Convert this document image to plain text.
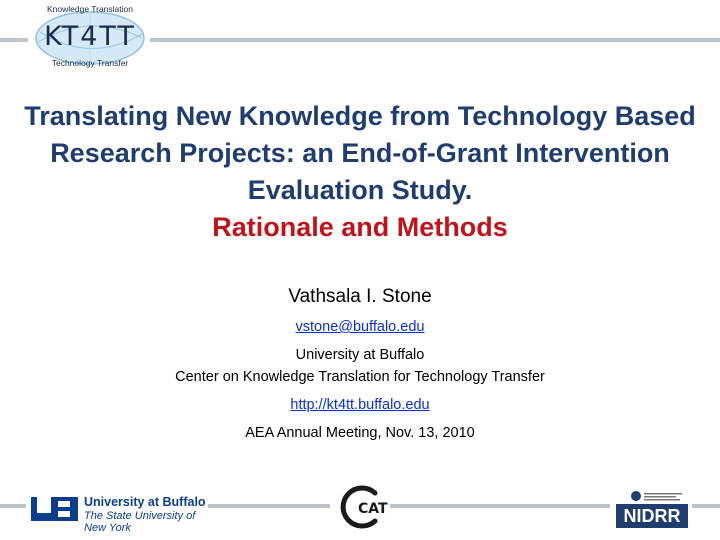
Knowledge Translation
KT4TT
Technology Transfer
Translating New Knowledge from Technology Based Research Projects: an End-of-Grant Intervention Evaluation Study.
Rationale and Methods
Vathsala I. Stone
vstone@buffalo.edu
University at Buffalo
Center on Knowledge Translation for Technology Transfer
http://kt4tt.buffalo.edu
AEA Annual Meeting, Nov. 13, 2010
University at Buffalo
The State University of New York
CAT	NIDRR
